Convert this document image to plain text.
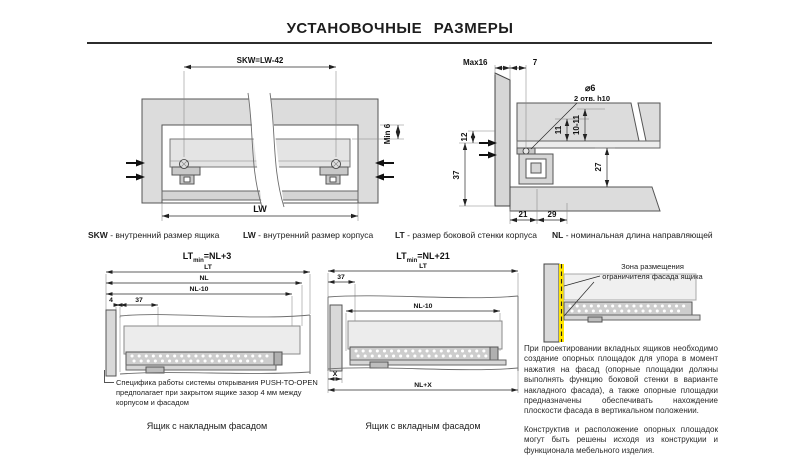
УСТАНОВОЧНЫЕ РАЗМЕРЫ
SKW=LW-42
Min 6
LW
Max16	7
⌀6
2 отв. h10
12
37
11 10-11
27
21	29
SKW - внутренний размер ящика	LW - внутренний размер корпуса	LT - размер боковой стенки корпуса NL - номинальная длина направляющей
$LT_{min}=NL+3$
LT
NL
NL-10
4	37
Специфика работы системы открывания PUSH-TO-OPEN предполагает при закрытом ящике зазор 4 мм между корпусом и фасадом
Ящик с накладным фасадом
$LT_{min}=NL+21$
LT
37
NL-10
X
NL+X
Ящик с вкладным фасадом
Зона размещения
ограничителя фасада ящика

При проектировании вкладных ящиков необходимо создание опорных площадок для упора в момент нажатия на фасад (опорные площадки должны выполнять функцию боковой стенки в варианте накладного фасада), а также опорные площадки предназначены обеспечивать нахождение плоскости фасада в вертикальном положении.

Конструктив и расположение опорных площадок могут быть решены исходя из конструкции и функционала мебельного изделия.
